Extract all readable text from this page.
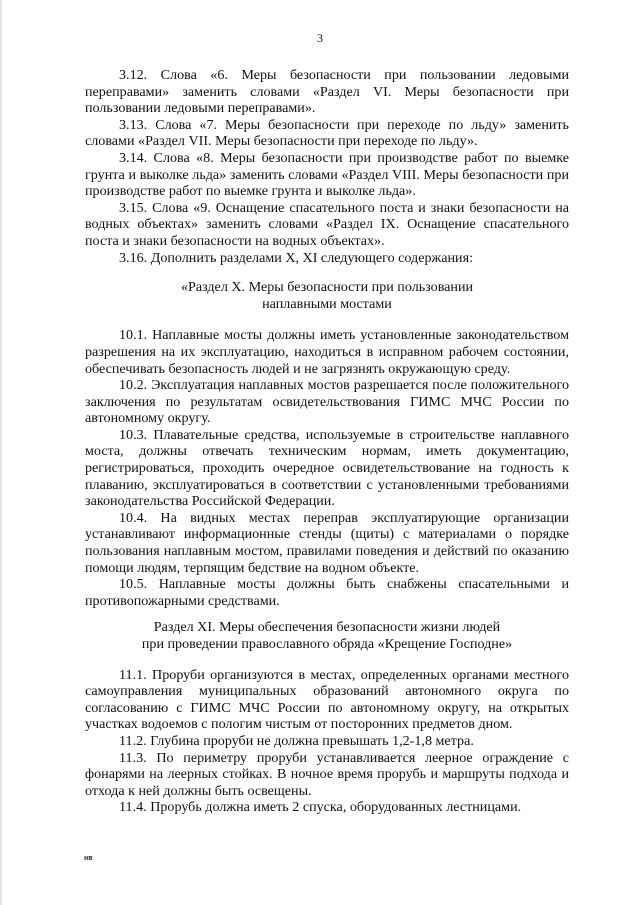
3

3.12. Слова «6. Меры безопасности при пользовании ледовыми переправами» заменить словами «Раздел VI. Меры безопасности при пользовании ледовыми переправами».

3.13. Слова «7. Меры безопасности при переходе по льду» заменить словами «Раздел VII. Меры безопасности при переходе по льду».

3.14. Слова «8. Меры безопасности при производстве работ по выемке грунта и выколке льда» заменить словами «Раздел VIII. Меры безопасности при производстве работ по выемке грунта и выколке льда».

3.15. Слова «9. Оснащение спасательного поста и знаки безопасности на водных объектах» заменить словами «Раздел IX. Оснащение спасательного поста и знаки безопасности на водных объектах».

3.16. Дополнить разделами X, XI следующего содержания:

«Раздел X. Меры безопасности при пользовании

наплавными мостами

10.1. Наплавные мосты должны иметь установленные законодательством разрешения на их эксплуатацию, находиться в исправном рабочем состоянии, обеспечивать безопасность людей и не загрязнять окружающую среду.

10.2. Эксплуатация наплавных мостов разрешается после положительного заключения по результатам освидетельствования ГИМС МЧС России по автономному округу.

10.3. Плавательные средства, используемые в строительстве наплавного моста, должны отвечать техническим нормам, иметь документацию, регистрироваться, проходить очередное освидетельствование на годность к плаванию, эксплуатироваться в соответствии с установленными требованиями законодательства Российской Федерации.

10.4. На видных местах переправ эксплуатирующие организации устанавливают информационные стенды (щиты) с материалами о порядке пользования наплавным мостом, правилами поведения и действий по оказанию помощи людям, терпящим бедствие на водном объекте.

10.5. Наплавные мосты должны быть снабжены спасательными и противопожарными средствами.

Раздел XI. Меры обеспечения безопасности жизни людей

при проведении православного обряда «Крещение Господне»

11.1. Проруби организуются в местах, определенных органами местного самоуправления муниципальных образований автономного округа по согласованию с ГИМС МЧС России по автономному округу, на открытых участках водоемов с пологим чистым от посторонних предметов дном.

11.2. Глубина проруби не должна превышать 1,2-1,8 метра.

11.3. По периметру проруби устанавливается леерное ограждение с фонарями на леерных стойках. В ночное время прорубь и маршруты подхода и отхода к ней должны быть освещены.

11.4. Прорубь должна иметь 2 спуска, оборудованных лестницами.

нв
